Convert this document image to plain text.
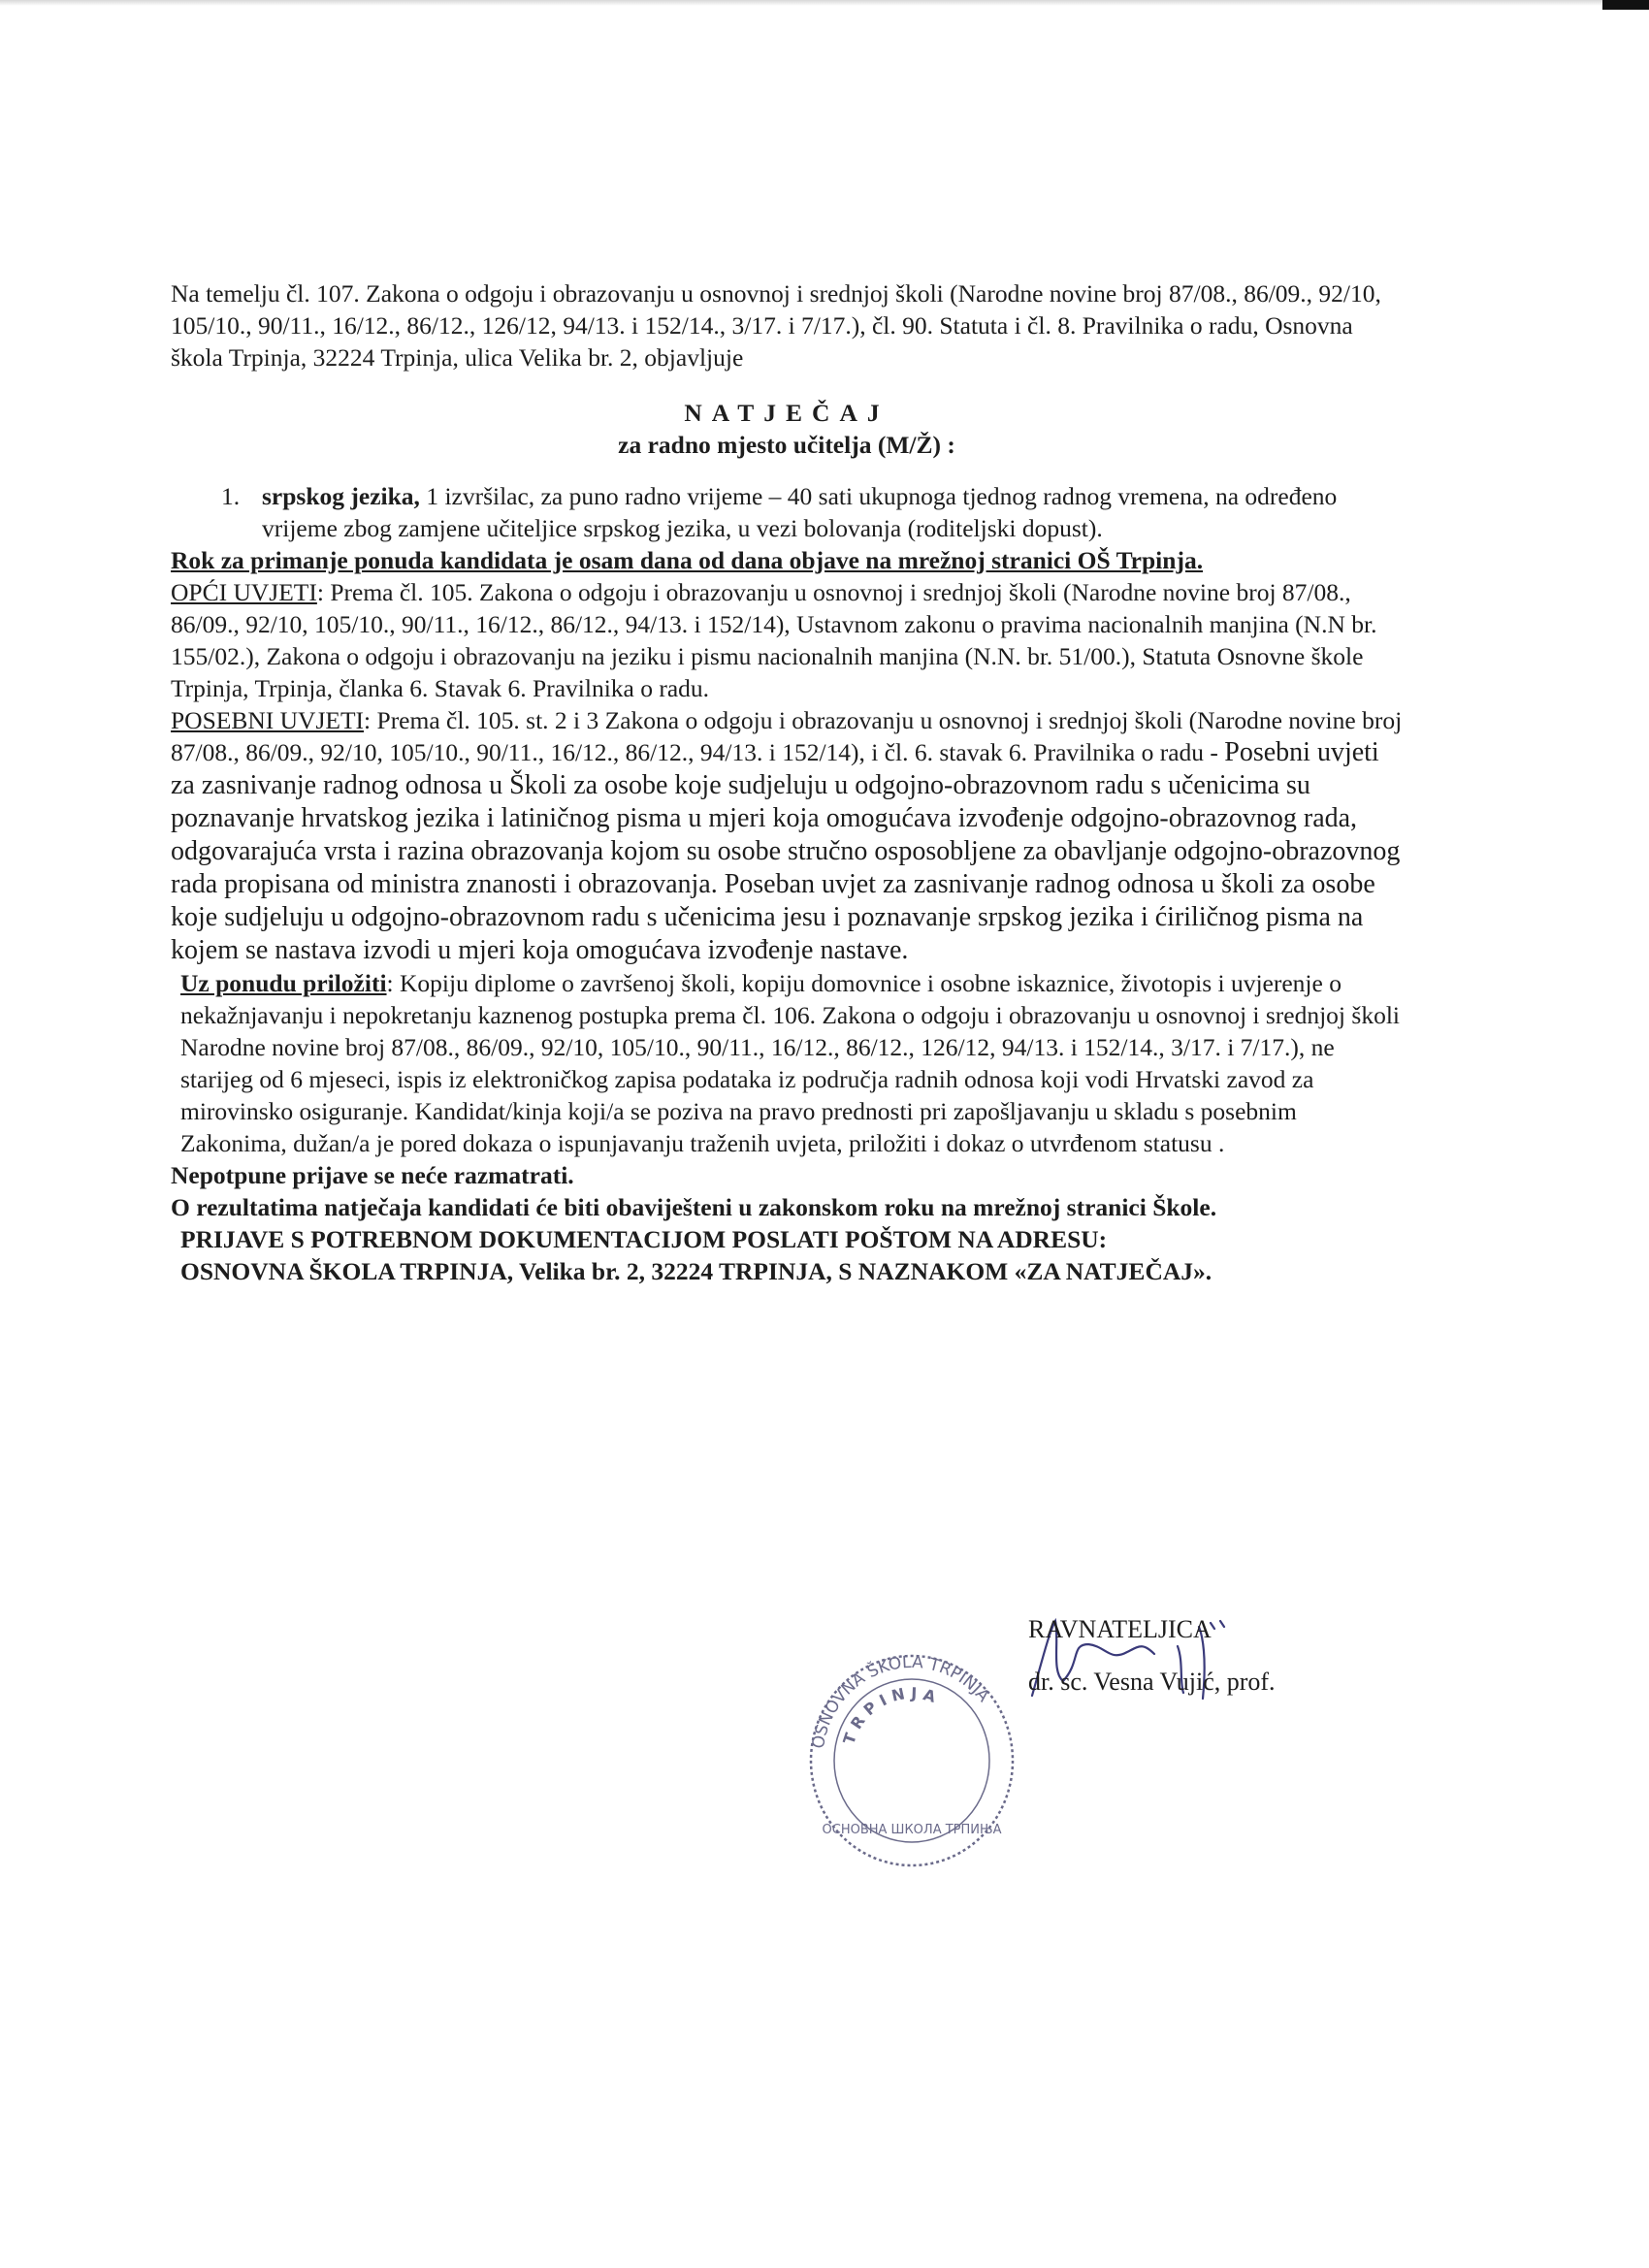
Na temelju čl. 107. Zakona o odgoju i obrazovanju u osnovnoj i srednjoj školi (Narodne novine broj 87/08., 86/09., 92/10, 105/10., 90/11., 16/12., 86/12., 126/12, 94/13. i 152/14., 3/17. i 7/17.), čl. 90. Statuta i čl. 8. Pravilnika o radu, Osnovna škola Trpinja, 32224 Trpinja, ulica Velika br. 2, objavljuje

NATJEČAJ

za radno mjesto učitelja (M/Ž) :

1. srpskog jezika, 1 izvršilac, za puno radno vrijeme – 40 sati ukupnoga tjednog radnog vremena, na određeno vrijeme zbog zamjene učiteljice srpskog jezika, u vezi bolovanja (roditeljski dopust).

Rok za primanje ponuda kandidata je osam dana od dana objave na mrežnoj stranici OŠ Trpinja.

OPĆI UVJETI: Prema čl. 105. Zakona o odgoju i obrazovanju u osnovnoj i srednjoj školi (Narodne novine broj 87/08., 86/09., 92/10, 105/10., 90/11., 16/12., 86/12., 94/13. i 152/14), Ustavnom zakonu o pravima nacionalnih manjina (N.N br. 155/02.), Zakona o odgoju i obrazovanju na jeziku i pismu nacionalnih manjina (N.N. br. 51/00.), Statuta Osnovne škole Trpinja, Trpinja, članka 6. Stavak 6. Pravilnika o radu.

POSEBNI UVJETI: Prema čl. 105. st. 2 i 3 Zakona o odgoju i obrazovanju u osnovnoj i srednjoj školi (Narodne novine broj 87/08., 86/09., 92/10, 105/10., 90/11., 16/12., 86/12., 94/13. i 152/14), i čl. 6. stavak 6. Pravilnika o radu - Posebni uvjeti za zasnivanje radnog odnosa u Školi za osobe koje sudjeluju u odgojno-obrazovnom radu s učenicima su poznavanje hrvatskog jezika i latiničnog pisma u mjeri koja omogućava izvođenje odgojno-obrazovnog rada, odgovarajuća vrsta i razina obrazovanja kojom su osobe stručno osposobljene za obavljanje odgojno-obrazovnog rada propisana od ministra znanosti i obrazovanja. Poseban uvjet za zasnivanje radnog odnosa u školi za osobe koje sudjeluju u odgojno-obrazovnom radu s učenicima jesu i poznavanje srpskog jezika i ćiriličnog pisma na kojem se nastava izvodi u mjeri koja omogućava izvođenje nastave.

Uz ponudu priložiti: Kopiju diplome o završenoj školi, kopiju domovnice i osobne iskaznice, životopis i uvjerenje o nekažnjavanju i nepokretanju kaznenog postupka prema čl. 106. Zakona o odgoju i obrazovanju u osnovnoj i srednjoj školi Narodne novine broj 87/08., 86/09., 92/10, 105/10., 90/11., 16/12., 86/12., 126/12, 94/13. i 152/14., 3/17. i 7/17.), ne starijeg od 6 mjeseci, ispis iz elektroničkog zapisa podataka iz područja radnih odnosa koji vodi Hrvatski zavod za mirovinsko osiguranje. Kandidat/kinja koji/a se poziva na pravo prednosti pri zapošljavanju u skladu s posebnim Zakonima, dužan/a je pored dokaza o ispunjavanju traženih uvjeta, priložiti i dokaz o utvrđenom statusu .

Nepotpune prijave se neće razmatrati.

O rezultatima natječaja kandidati će biti obaviješteni u zakonskom roku na mrežnoj stranici Škole.

PRIJAVE S POTREBNOM DOKUMENTACIJOM POSLATI POŠTOM NA ADRESU: OSNOVNA ŠKOLA TRPINJA, Velika br. 2, 32224 TRPINJA, S NAZNAKOM «ZA NATJEČAJ».

OSNOVNA ŠKOLA TRPINJA
T R P I N J A
ОСНОВНА ШКОЛА ТРПИЊА
RAVNATELJICA
dr. sc. Vesna Vujić, prof.
